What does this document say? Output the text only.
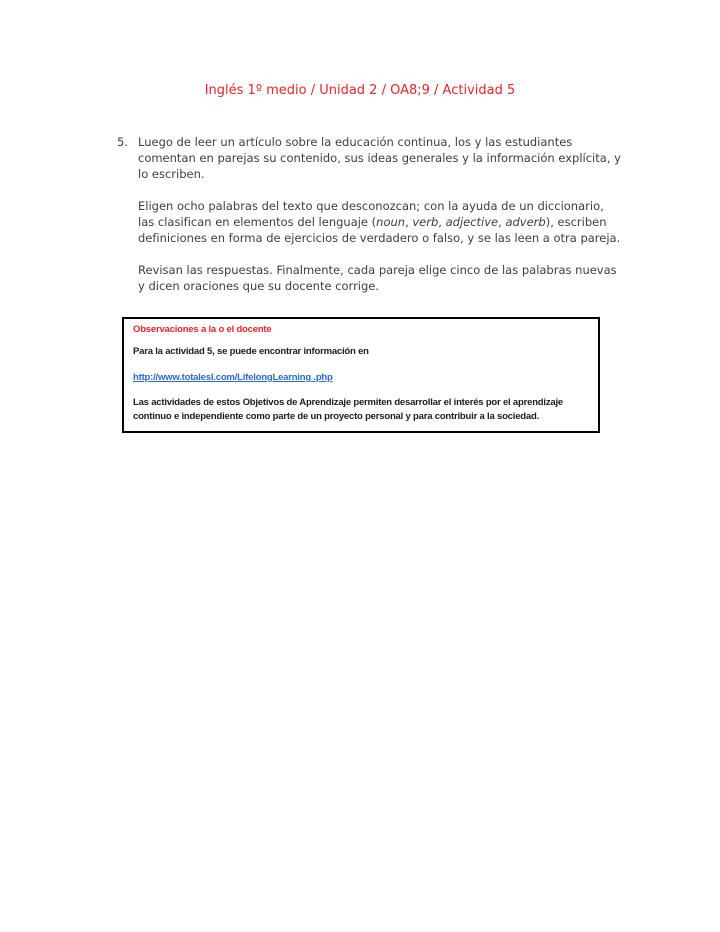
Inglés 1º medio / Unidad 2 / OA8;9 / Actividad 5
5. Luego de leer un artículo sobre la educación continua, los y las estudiantes comentan en parejas su contenido, sus ideas generales y la información explícita, y lo escriben.

Eligen ocho palabras del texto que desconozcan; con la ayuda de un diccionario, las clasifican en elementos del lenguaje (noun, verb, adjective, adverb), escriben definiciones en forma de ejercicios de verdadero o falso, y se las leen a otra pareja.

Revisan las respuestas. Finalmente, cada pareja elige cinco de las palabras nuevas y dicen oraciones que su docente corrige.

Observaciones a la o el docente

Para la actividad 5, se puede encontrar información en

http://www.totalesl.com/LifelongLearning .php

Las actividades de estos Objetivos de Aprendizaje permiten desarrollar el interés por el aprendizaje continuo e independiente como parte de un proyecto personal y para contribuir a la sociedad.
